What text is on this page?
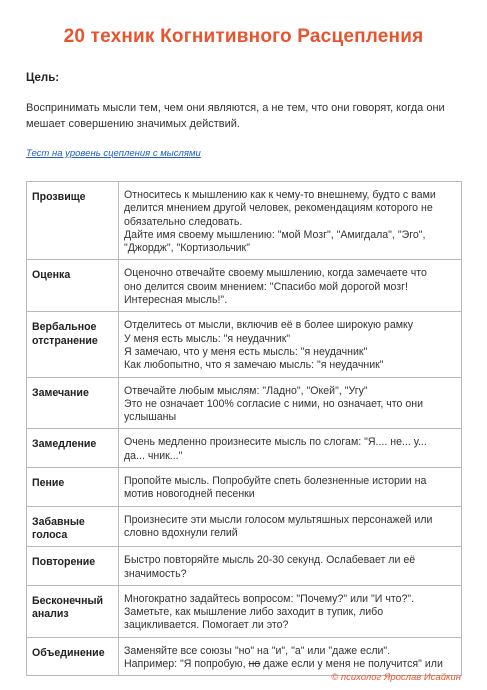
20 техник Когнитивного Расцепления
Цель:
Воспринимать мысли тем, чем они являются, а не тем, что они говорят, когда они мешает совершению значимых действий.
Тест на уровень сцепления с мыслями
Прозвище	Относитесь к мышлению как к чему-то внешнему, будто с вами
делится мнением другой человек, рекомендациям которого не
обязательно следовать.
Дайте имя своему мышлению: "мой Мозг", "Амигдала", "Эго",
"Джордж", "Кортизольчик"

Оценка	Оценочно отвечайте своему мышлению, когда замечаете что
оно делится своим мнением: "Спасибо мой дорогой мозг!
Интересная мысль!".

Вербальное отстранение	Отделитесь от мысли, включив её в более широкую рамку
У меня есть мысль: "я неудачник"
Я замечаю, что у меня есть мысль: "я неудачник"
Как любопытно, что я замечаю мысль: "я неудачник"

Замечание	Отвечайте любым мыслям: "Ладно", "Окей", "Угу"
Это не означает 100% согласие с ними, но означает, что они
услышаны

Замедление	Очень медленно произнесите мысль по слогам: "Я.... не... у...
да... чник..."

Пение	Пропойте мысль. Попробуйте спеть болезненные истории на
мотив новогодней песенки

Забавные голоса	Произнесите эти мысли голосом мультяшных персонажей или
словно вдохнули гелий

Повторение	Быстро повторяйте мысль 20-30 секунд. Ослабевает ли её
значимость?

Бесконечный анализ	Многократно задайтесь вопросом: "Почему?" или "И что?".
Заметьте, как мышление либо заходит в тупик, либо
зацикливается. Помогает ли это?

Объединение	Заменяйте все союзы "но" на "и", "а" или "даже если".
Например: "Я попробую, но даже если у меня не получится" или
© психолог Ярослав Исайкин
